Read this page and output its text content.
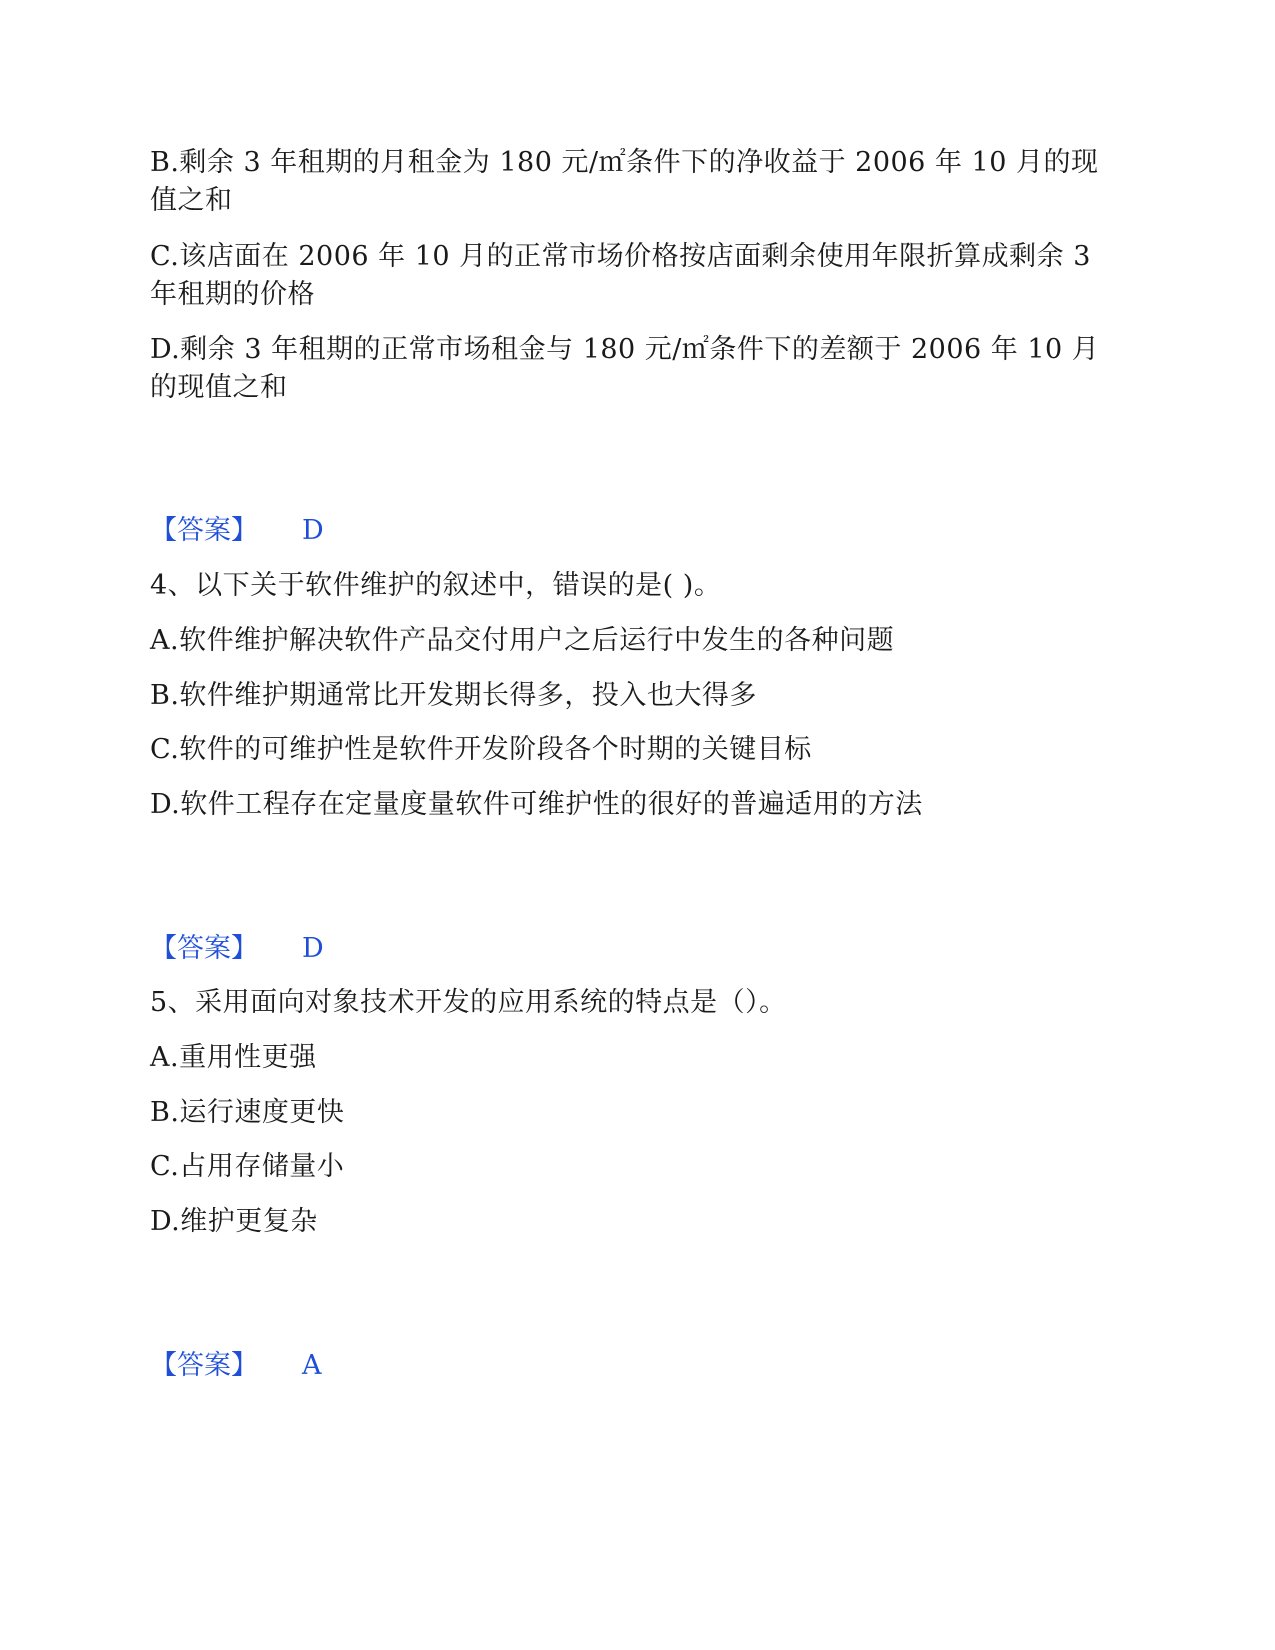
B.剩余 3 年租期的月租金为 180 元/㎡条件下的净收益于 2006 年 10 月的现
值之和
C.该店面在 2006 年 10 月的正常市场价格按店面剩余使用年限折算成剩余 3
年租期的价格
D.剩余 3 年租期的正常市场租金与 180 元/㎡条件下的差额于 2006 年 10 月
的现值之和
【答案】 D
4、以下关于软件维护的叙述中，错误的是( )。
A.软件维护解决软件产品交付用户之后运行中发生的各种问题
B.软件维护期通常比开发期长得多，投入也大得多
C.软件的可维护性是软件开发阶段各个时期的关键目标
D.软件工程存在定量度量软件可维护性的很好的普遍适用的方法
【答案】 D
5、采用面向对象技术开发的应用系统的特点是（）。
A.重用性更强
B.运行速度更快
C.占用存储量小
D.维护更复杂
【答案】 A
